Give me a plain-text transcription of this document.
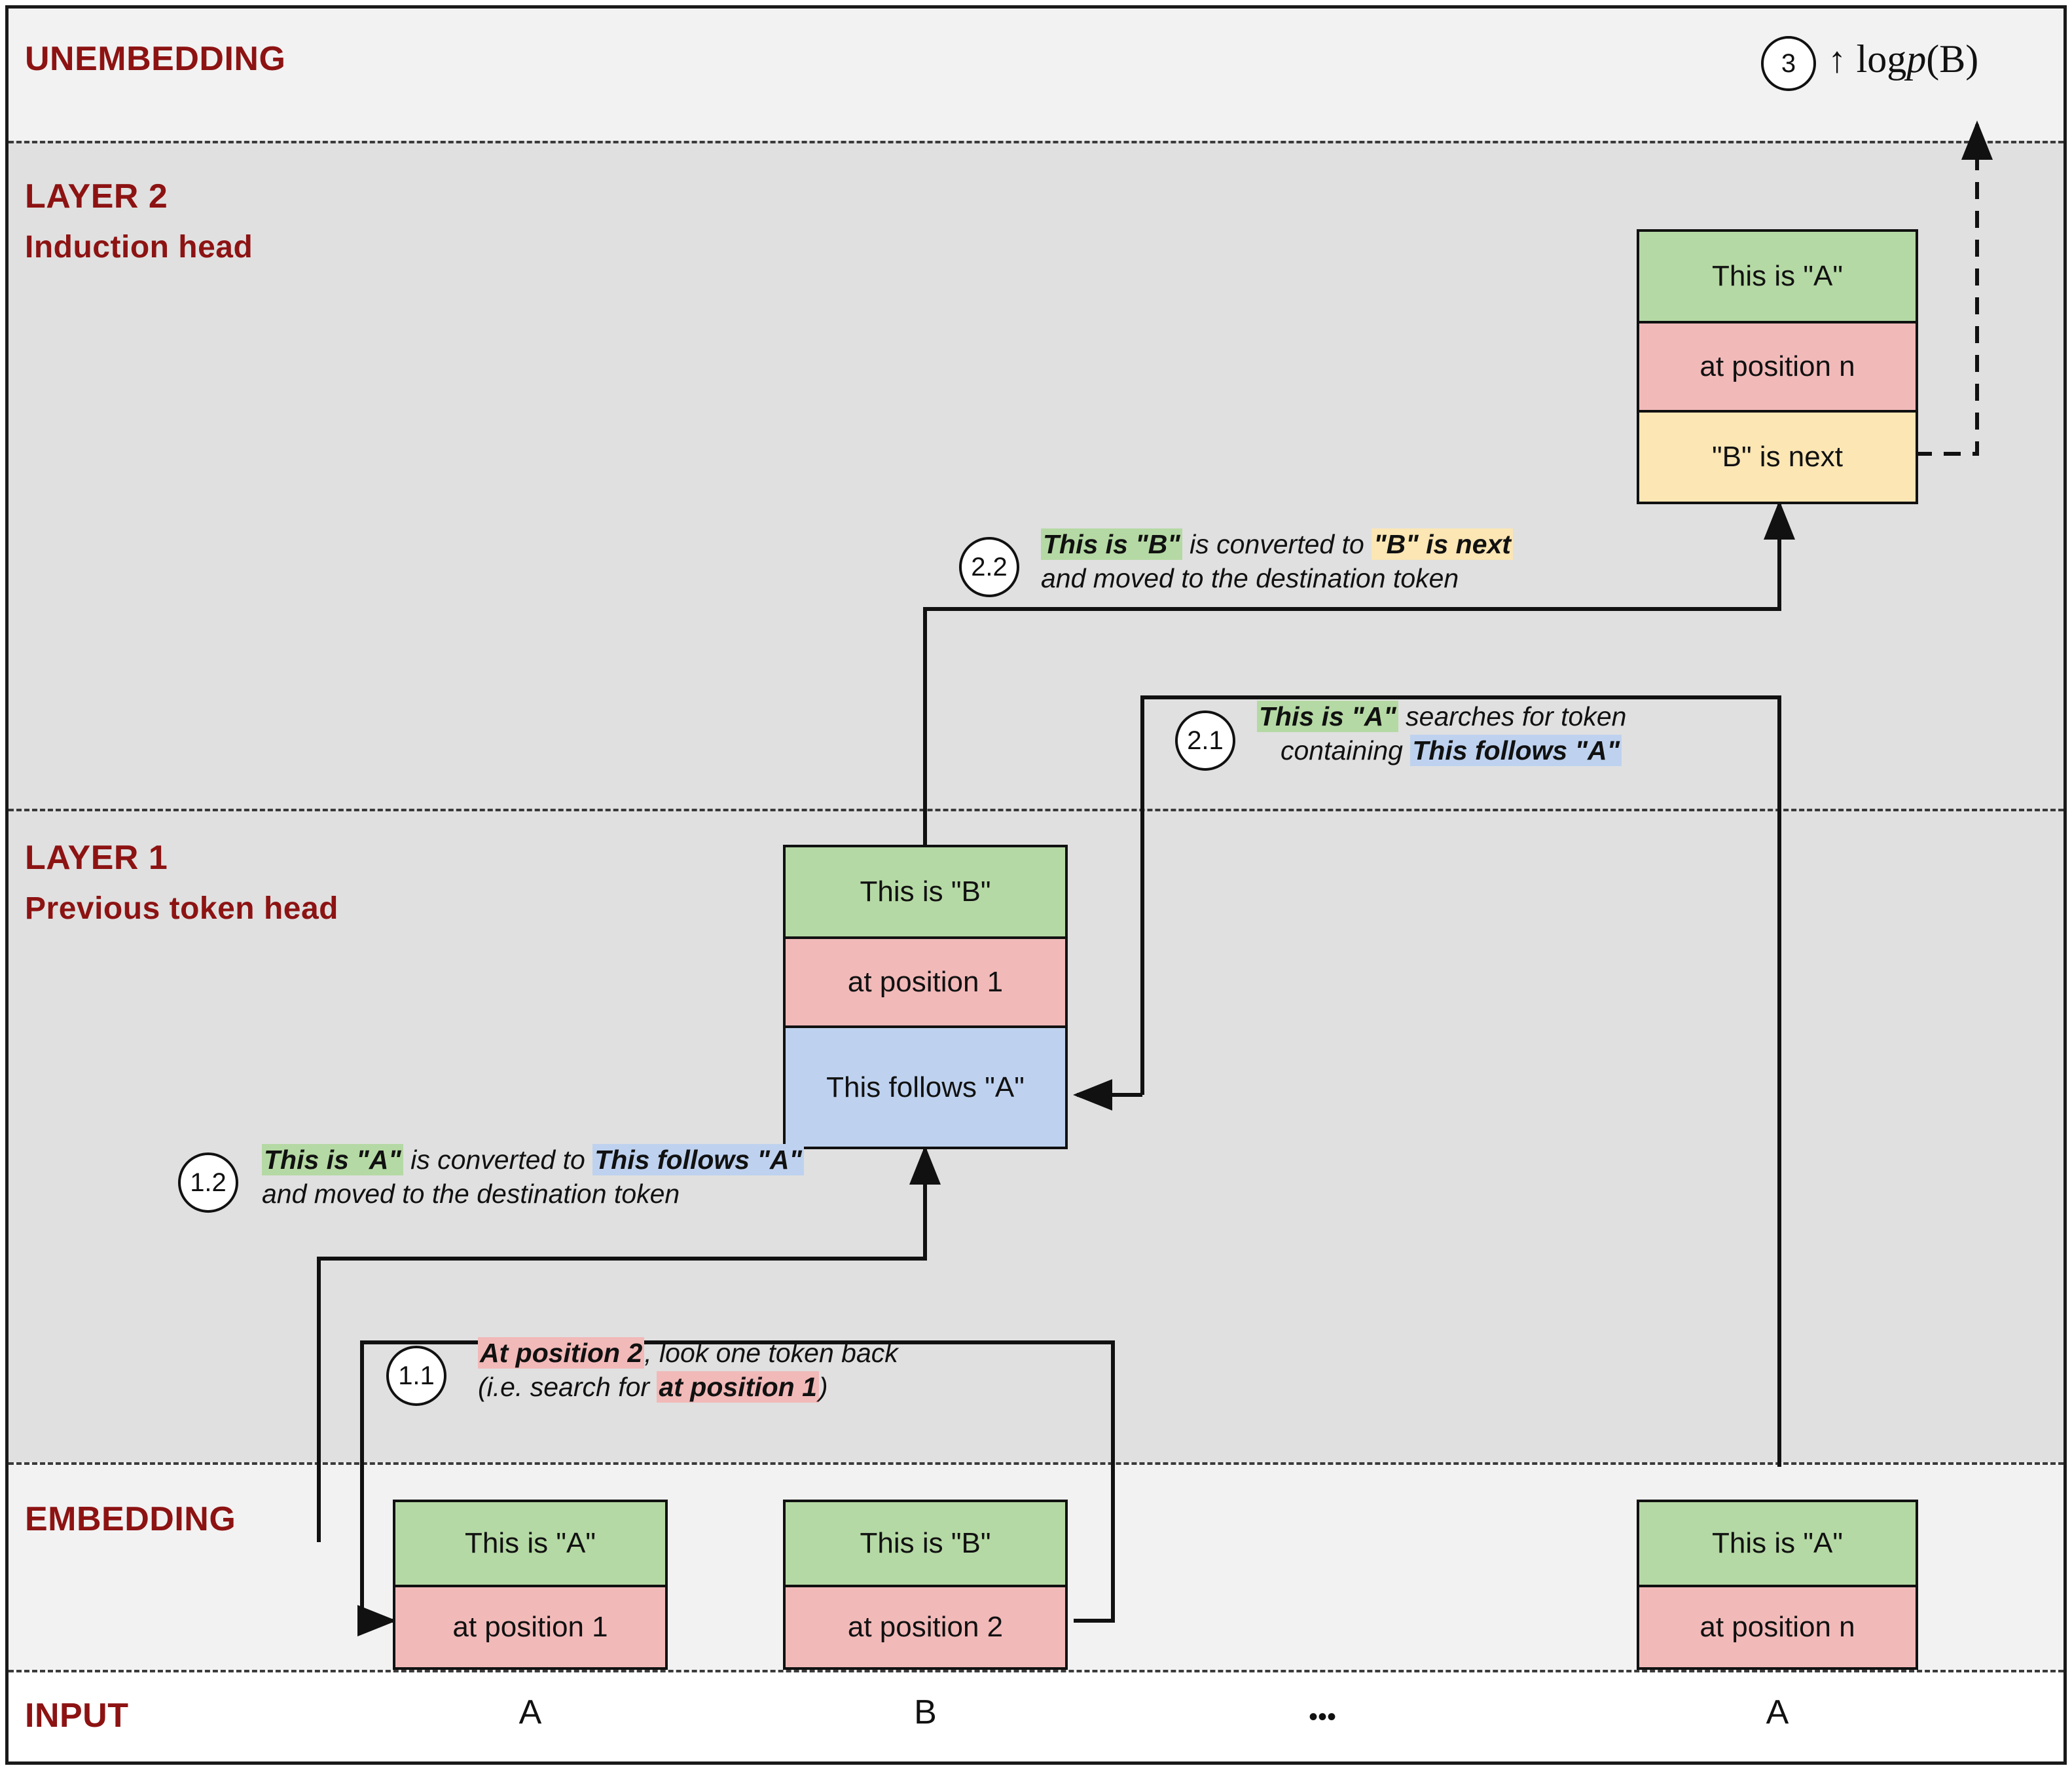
UNEMBEDDING
LAYER 2
Induction head
LAYER 1
Previous token head
EMBEDDING
INPUT
3 ↑ logp(B)
This is "A"
at position n
"B" is next
This is "B"
at position 1
This follows "A"
This is "A"
at position 1
This is "B"
at position 2
This is "A"
at position n
2.2
This is "B" is converted to "B" is next
and moved to the destination token
2.1
This is "A" searches for token
containing This follows "A"
1.2
This is "A" is converted to This follows "A"
and moved to the destination token
1.1
At position 2, look one token back
(i.e. search for at position 1)
A	B	•••	A
